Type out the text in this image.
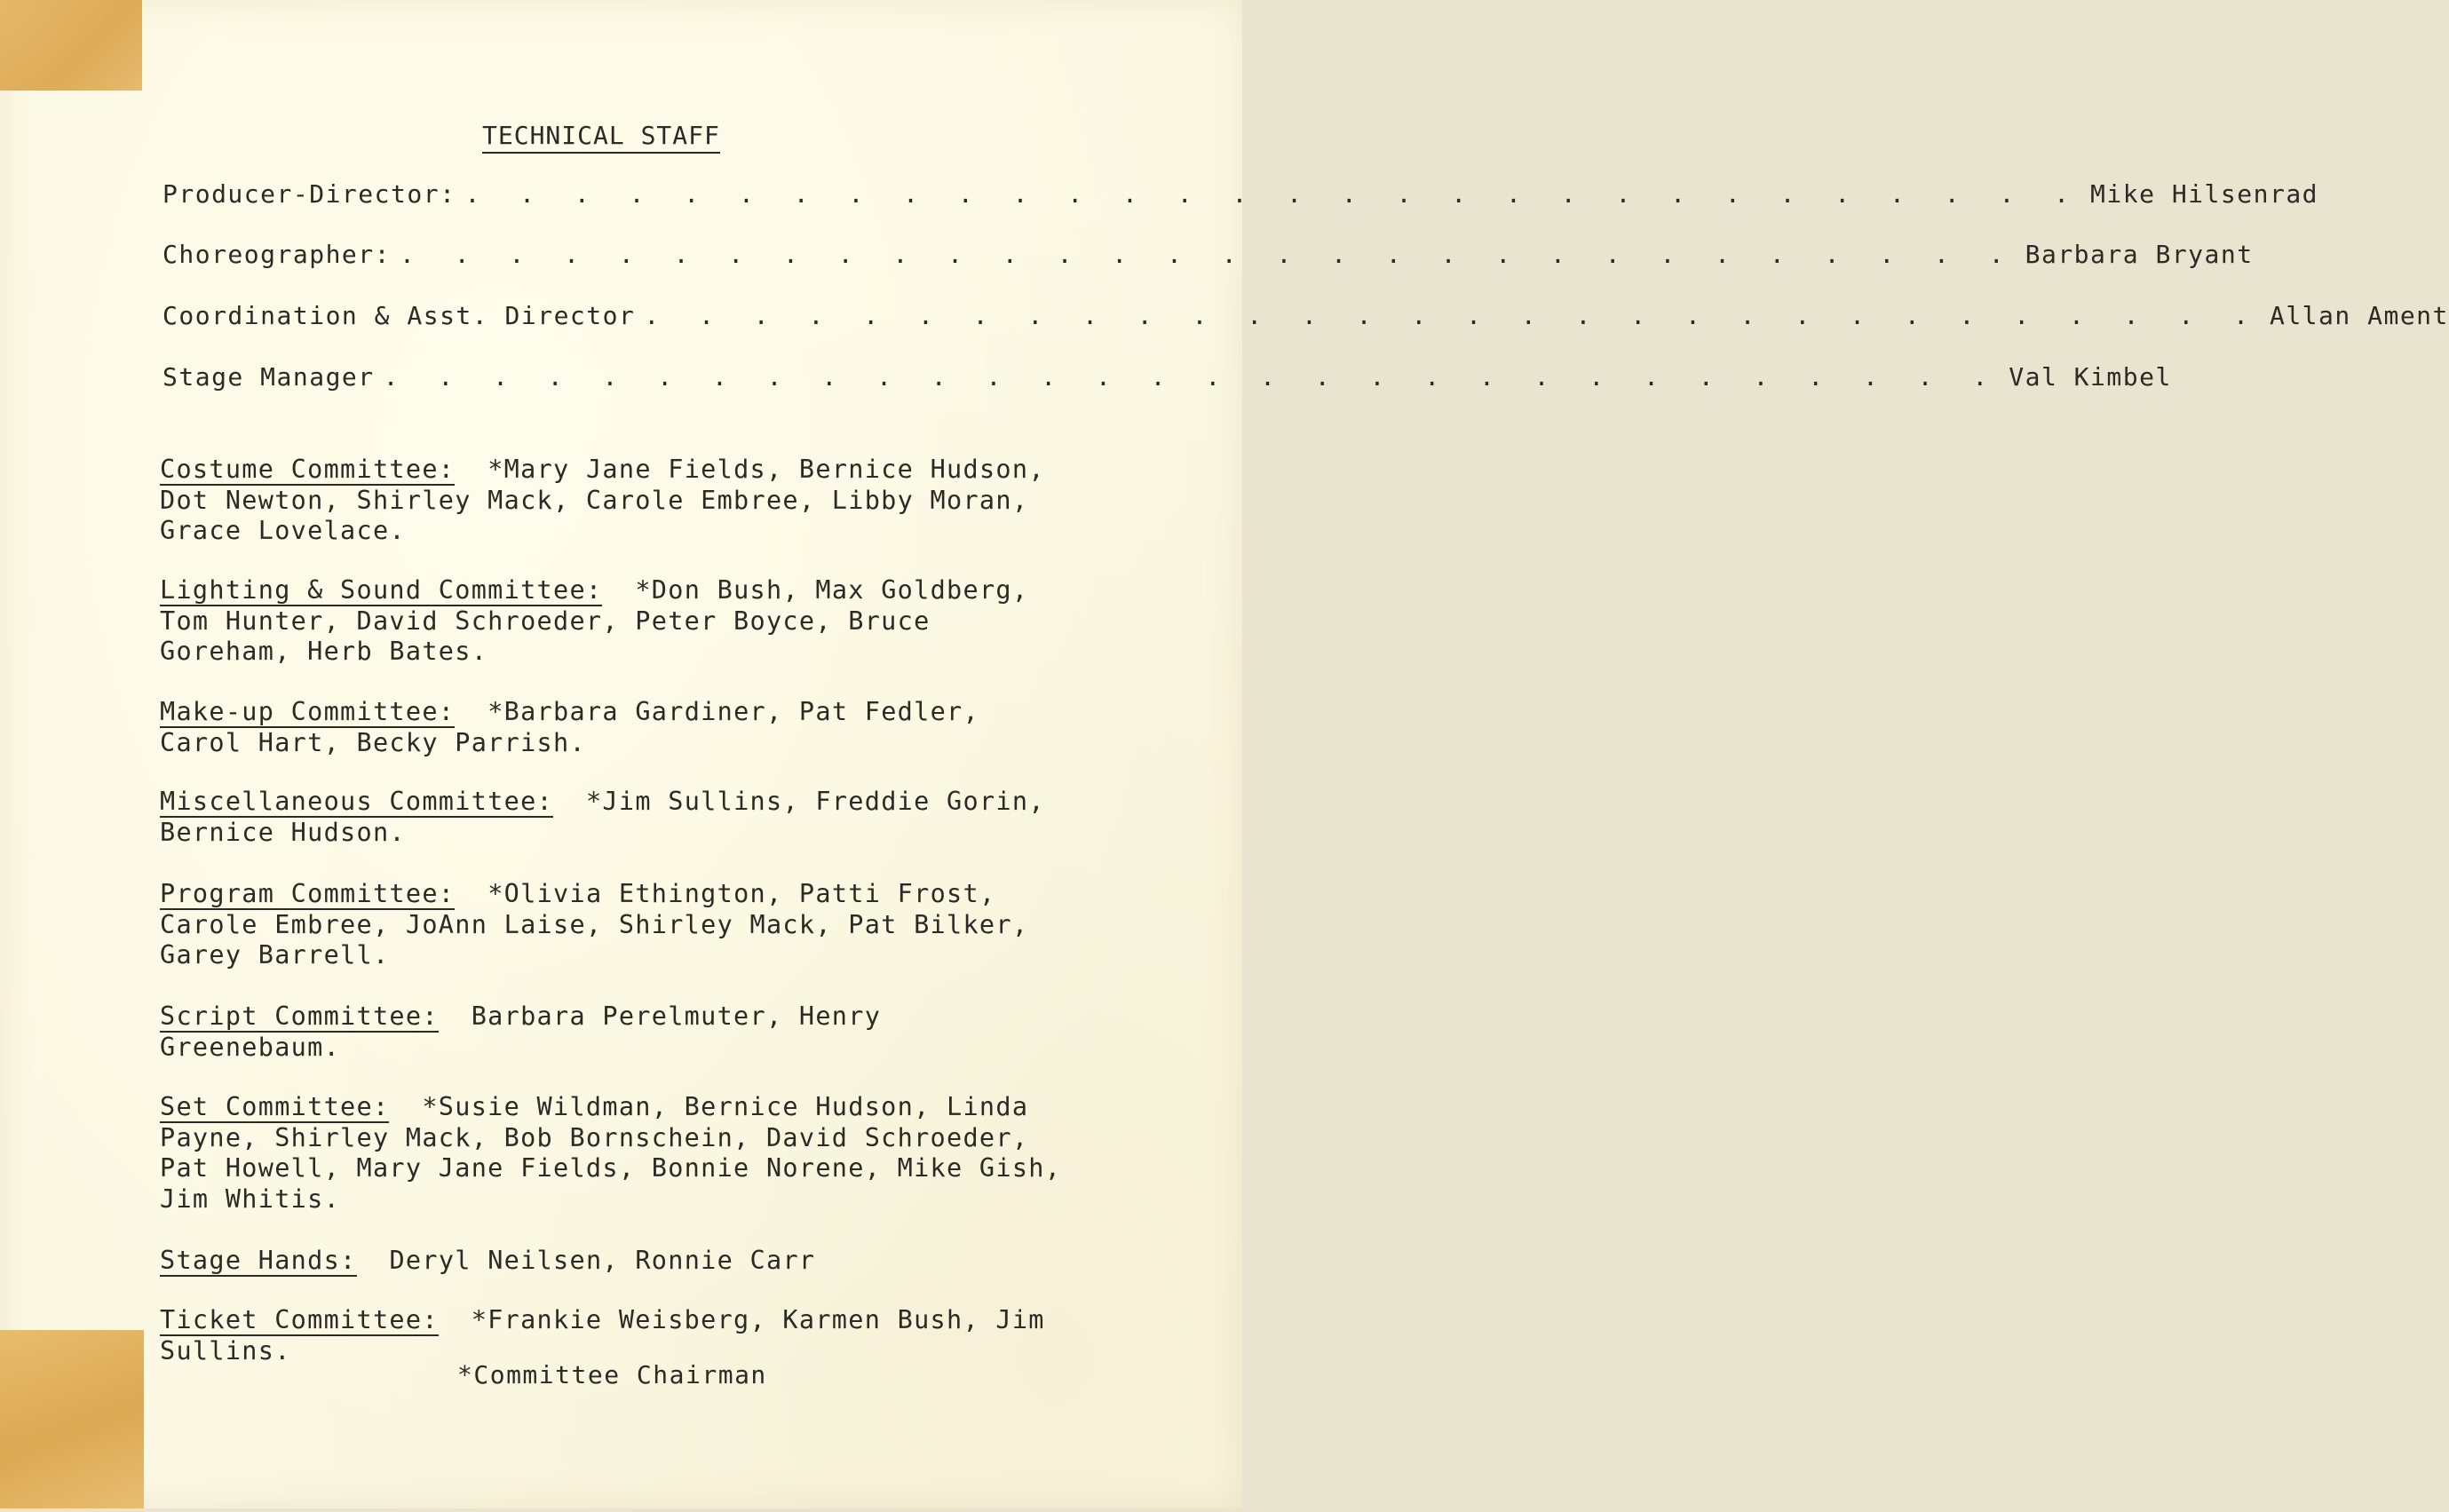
TECHNICAL STAFF
Producer-Director: . . . . . . . . . . . . . . . . . . . . . . . . . . . . . . Mike Hilsenrad
Choreographer: . . . . . . . . . . . . . . . . . . . . . . . . . . . . . . Barbara Bryant
Coordination & Asst. Director . . . . . . . . . . . . . . . . . . . . . . . . . . . . . . Allan Ament
Stage Manager . . . . . . . . . . . . . . . . . . . . . . . . . . . . . . Val Kimbel
Costume Committee: *Mary Jane Fields, Bernice Hudson, Dot Newton, Shirley Mack, Carole Embree, Libby Moran, Grace Lovelace.
Lighting & Sound Committee: *Don Bush, Max Goldberg, Tom Hunter, David Schroeder, Peter Boyce, Bruce Goreham, Herb Bates.
Make-up Committee: *Barbara Gardiner, Pat Fedler, Carol Hart, Becky Parrish.
Miscellaneous Committee: *Jim Sullins, Freddie Gorin, Bernice Hudson.
Program Committee: *Olivia Ethington, Patti Frost, Carole Embree, JoAnn Laise, Shirley Mack, Pat Bilker, Garey Barrell.
Script Committee: Barbara Perelmuter, Henry Greenebaum.
Set Committee: *Susie Wildman, Bernice Hudson, Linda Payne, Shirley Mack, Bob Bornschein, David Schroeder, Pat Howell, Mary Jane Fields, Bonnie Norene, Mike Gish, Jim Whitis.
Stage Hands: Deryl Neilsen, Ronnie Carr
Ticket Committee: *Frankie Weisberg, Karmen Bush, Jim Sullins.
*Committee Chairman
